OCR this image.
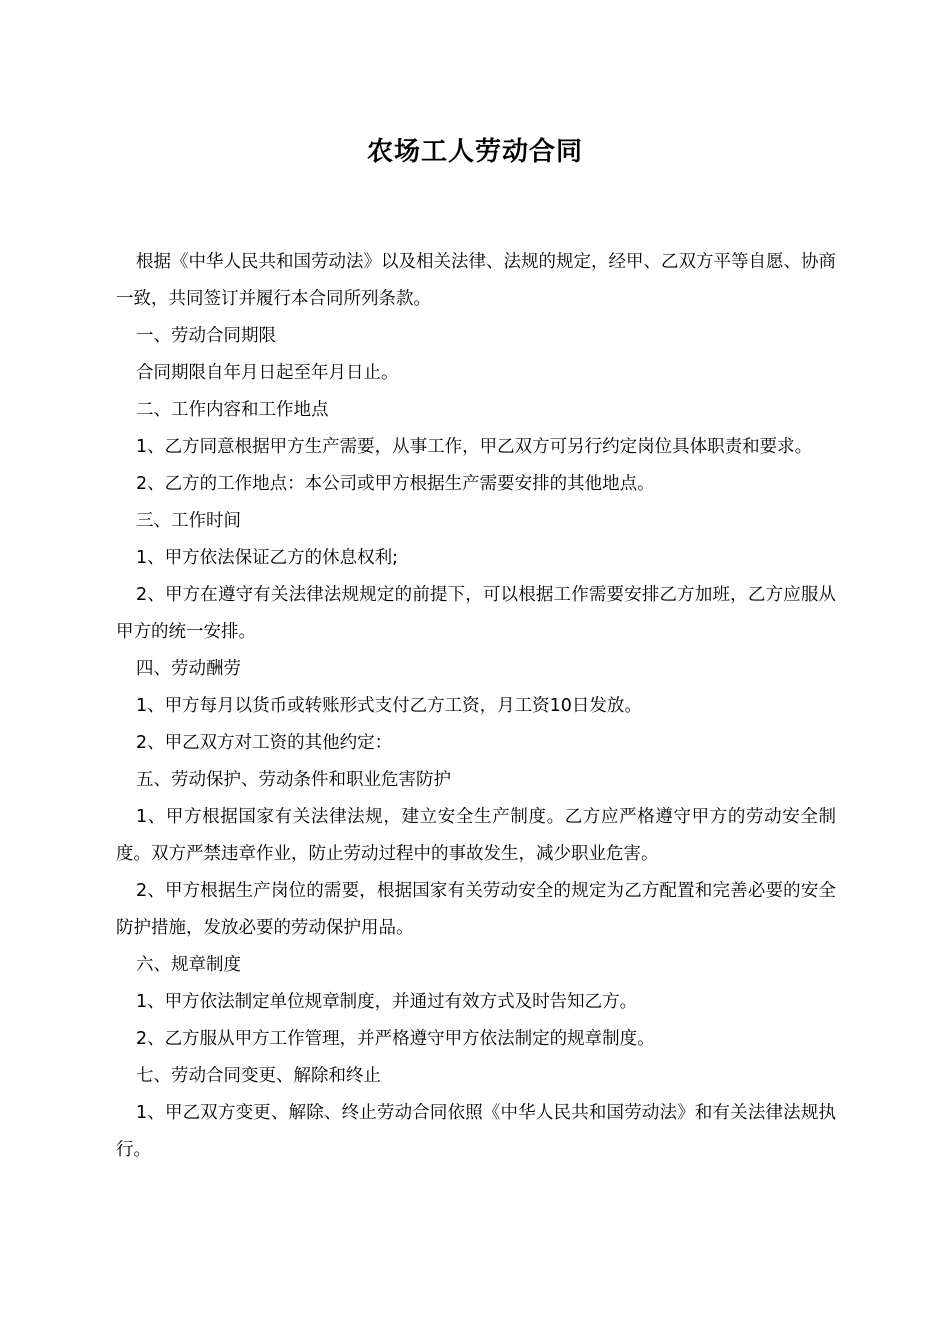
农场工人劳动合同

根据《中华人民共和国劳动法》以及相关法律、法规的规定，经甲、乙双方平等自愿、协商一致，共同签订并履行本合同所列条款。

一、劳动合同期限

合同期限自年月日起至年月日止。

二、工作内容和工作地点

1、乙方同意根据甲方生产需要，从事工作，甲乙双方可另行约定岗位具体职责和要求。

2、乙方的工作地点：本公司或甲方根据生产需要安排的其他地点。

三、工作时间

1、甲方依法保证乙方的休息权利;

2、甲方在遵守有关法律法规规定的前提下，可以根据工作需要安排乙方加班，乙方应服从甲方的统一安排。

四、劳动酬劳

1、甲方每月以货币或转账形式支付乙方工资，月工资10日发放。

2、甲乙双方对工资的其他约定：

五、劳动保护、劳动条件和职业危害防护

1、甲方根据国家有关法律法规，建立安全生产制度。乙方应严格遵守甲方的劳动安全制度。双方严禁违章作业，防止劳动过程中的事故发生，减少职业危害。

2、甲方根据生产岗位的需要，根据国家有关劳动安全的规定为乙方配置和完善必要的安全防护措施，发放必要的劳动保护用品。

六、规章制度

1、甲方依法制定单位规章制度，并通过有效方式及时告知乙方。

2、乙方服从甲方工作管理，并严格遵守甲方依法制定的规章制度。

七、劳动合同变更、解除和终止

1、甲乙双方变更、解除、终止劳动合同依照《中华人民共和国劳动法》和有关法律法规执行。
